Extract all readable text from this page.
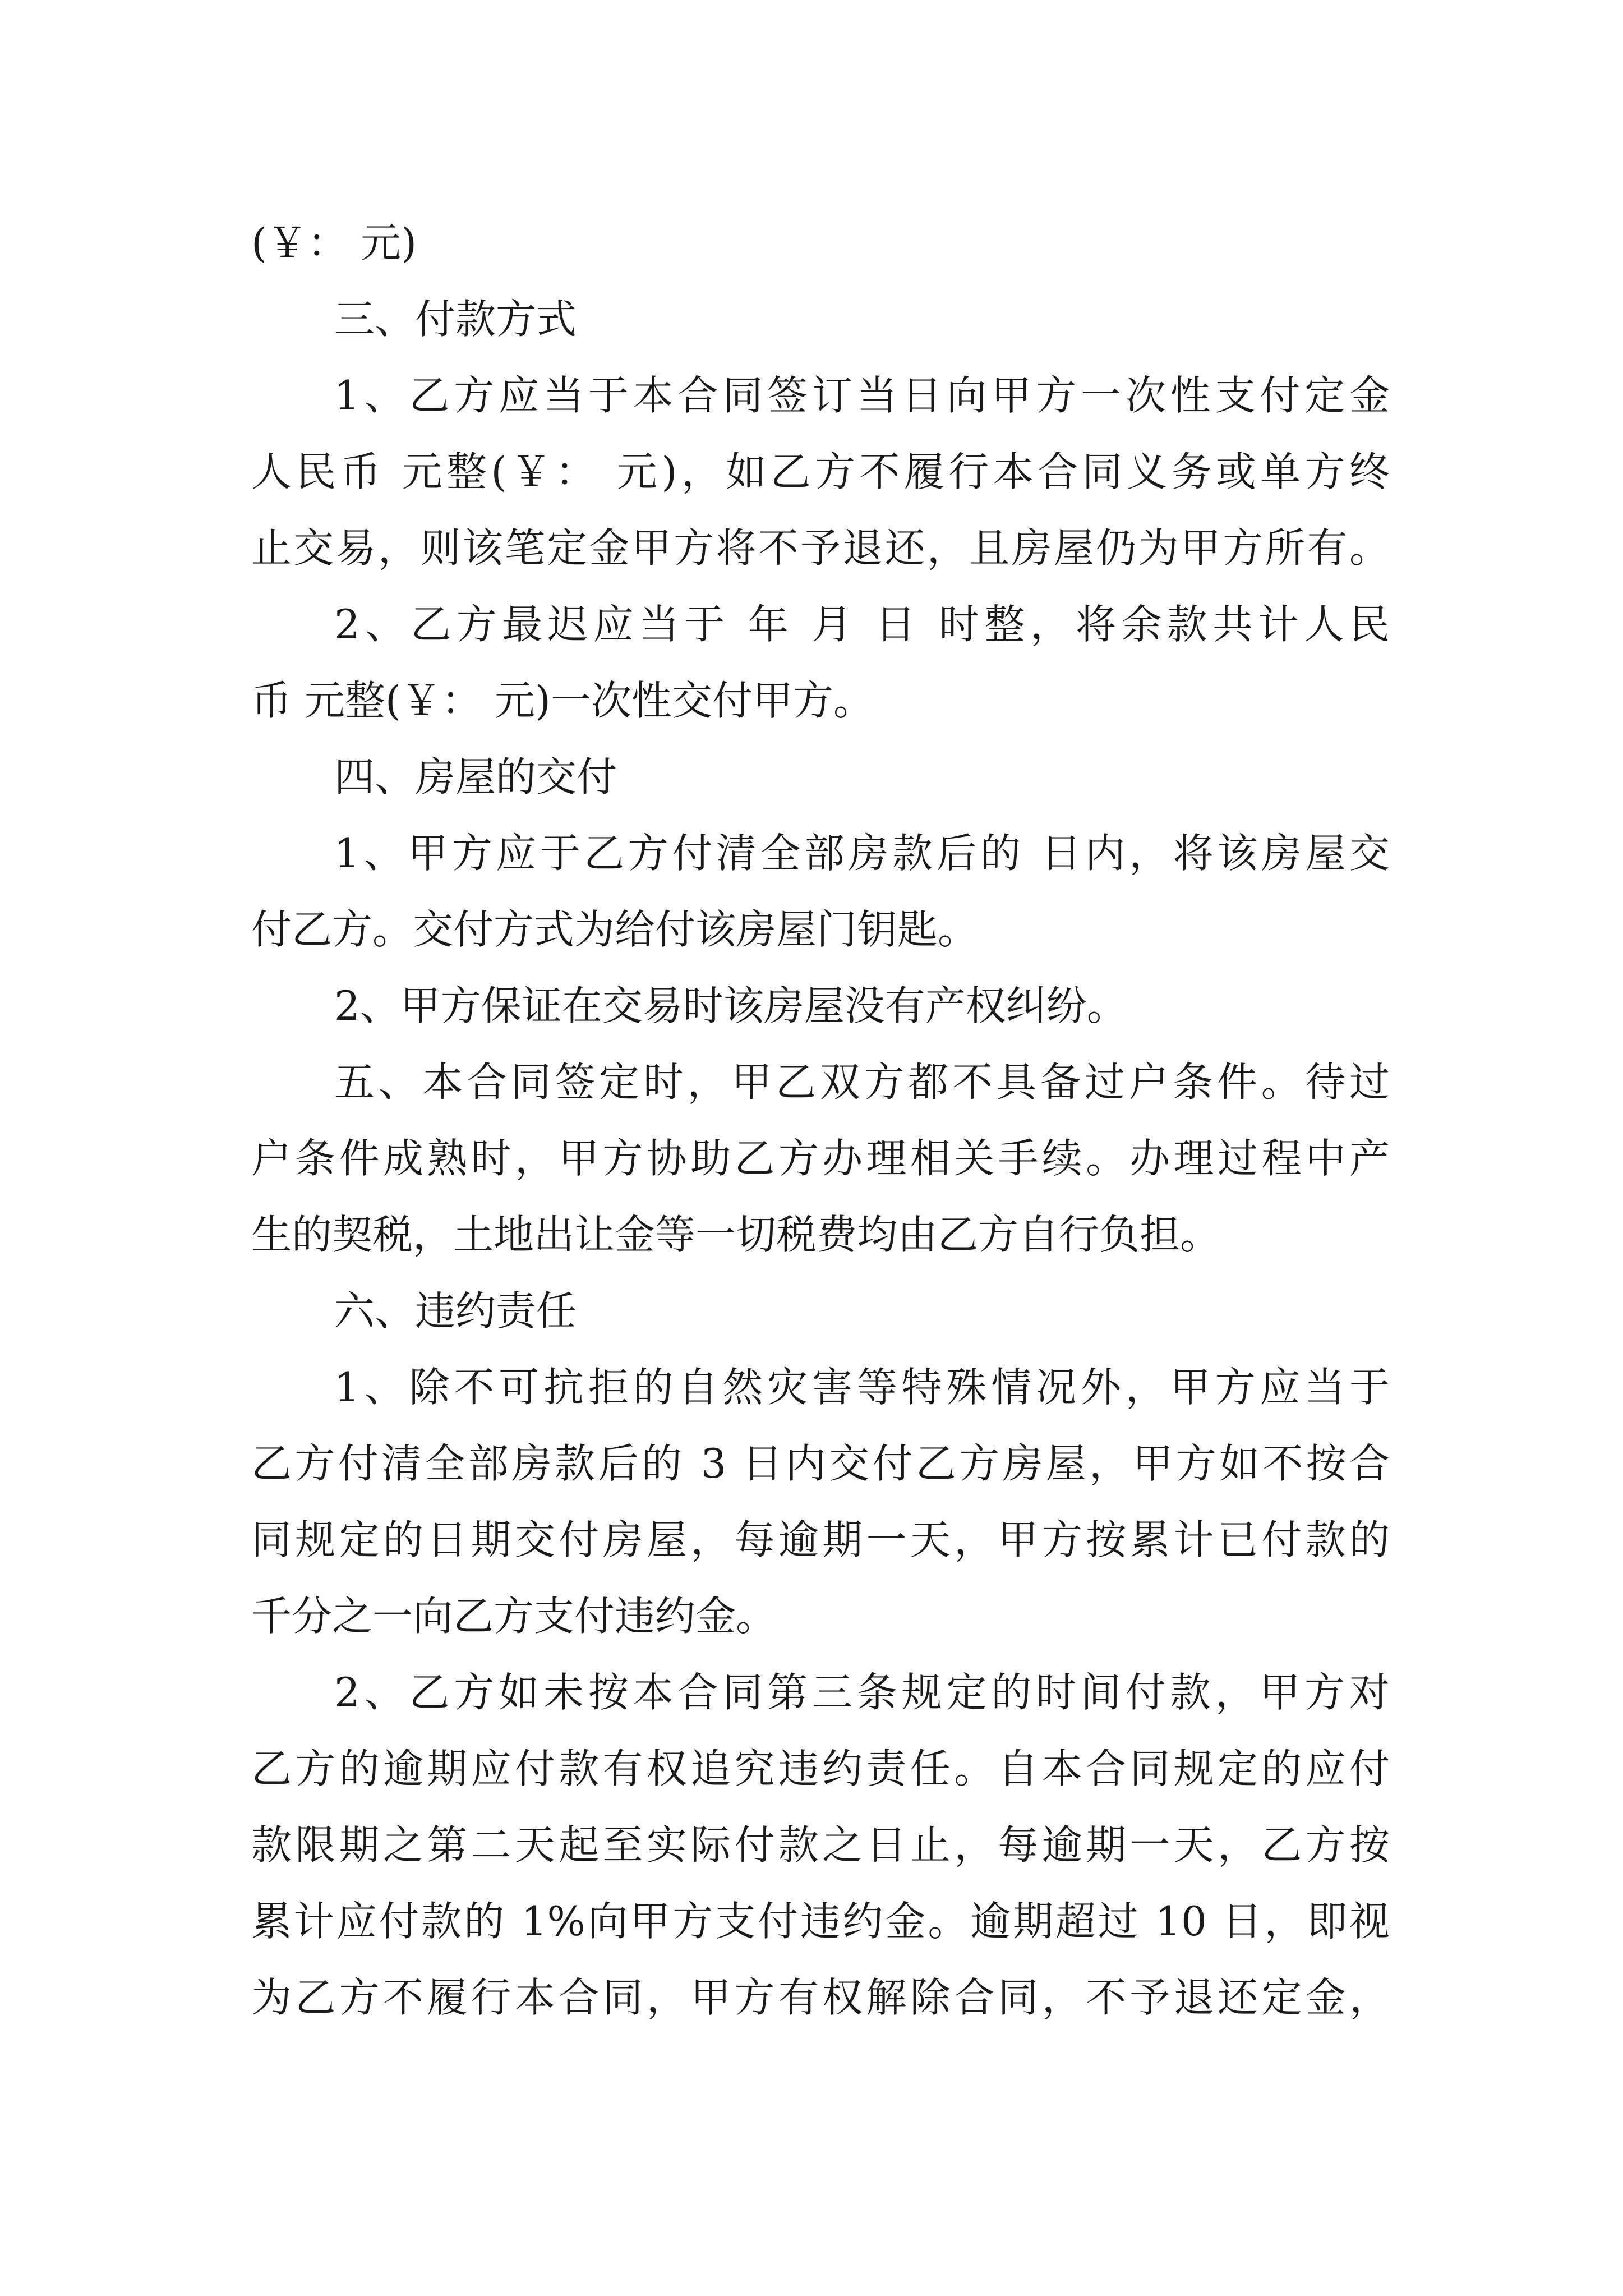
(￥： 元)
三、付款方式
1、乙方应当于本合同签订当日向甲方一次性支付定金
人民币 元整(￥： 元)，如乙方不履行本合同义务或单方终
止交易，则该笔定金甲方将不予退还，且房屋仍为甲方所有。
2、乙方最迟应当于 年 月 日 时整，将余款共计人民
币 元整(￥： 元)一次性交付甲方。
四、房屋的交付
1、甲方应于乙方付清全部房款后的 日内，将该房屋交
付乙方。交付方式为给付该房屋门钥匙。
2、甲方保证在交易时该房屋没有产权纠纷。
五、本合同签定时，甲乙双方都不具备过户条件。待过
户条件成熟时，甲方协助乙方办理相关手续。办理过程中产
生的契税，土地出让金等一切税费均由乙方自行负担。
六、违约责任
1、除不可抗拒的自然灾害等特殊情况外，甲方应当于
乙方付清全部房款后的 3 日内交付乙方房屋，甲方如不按合
同规定的日期交付房屋，每逾期一天，甲方按累计已付款的
千分之一向乙方支付违约金。
2、乙方如未按本合同第三条规定的时间付款，甲方对
乙方的逾期应付款有权追究违约责任。自本合同规定的应付
款限期之第二天起至实际付款之日止，每逾期一天，乙方按
累计应付款的 1%向甲方支付违约金。逾期超过 10 日，即视
为乙方不履行本合同，甲方有权解除合同，不予退还定金，
